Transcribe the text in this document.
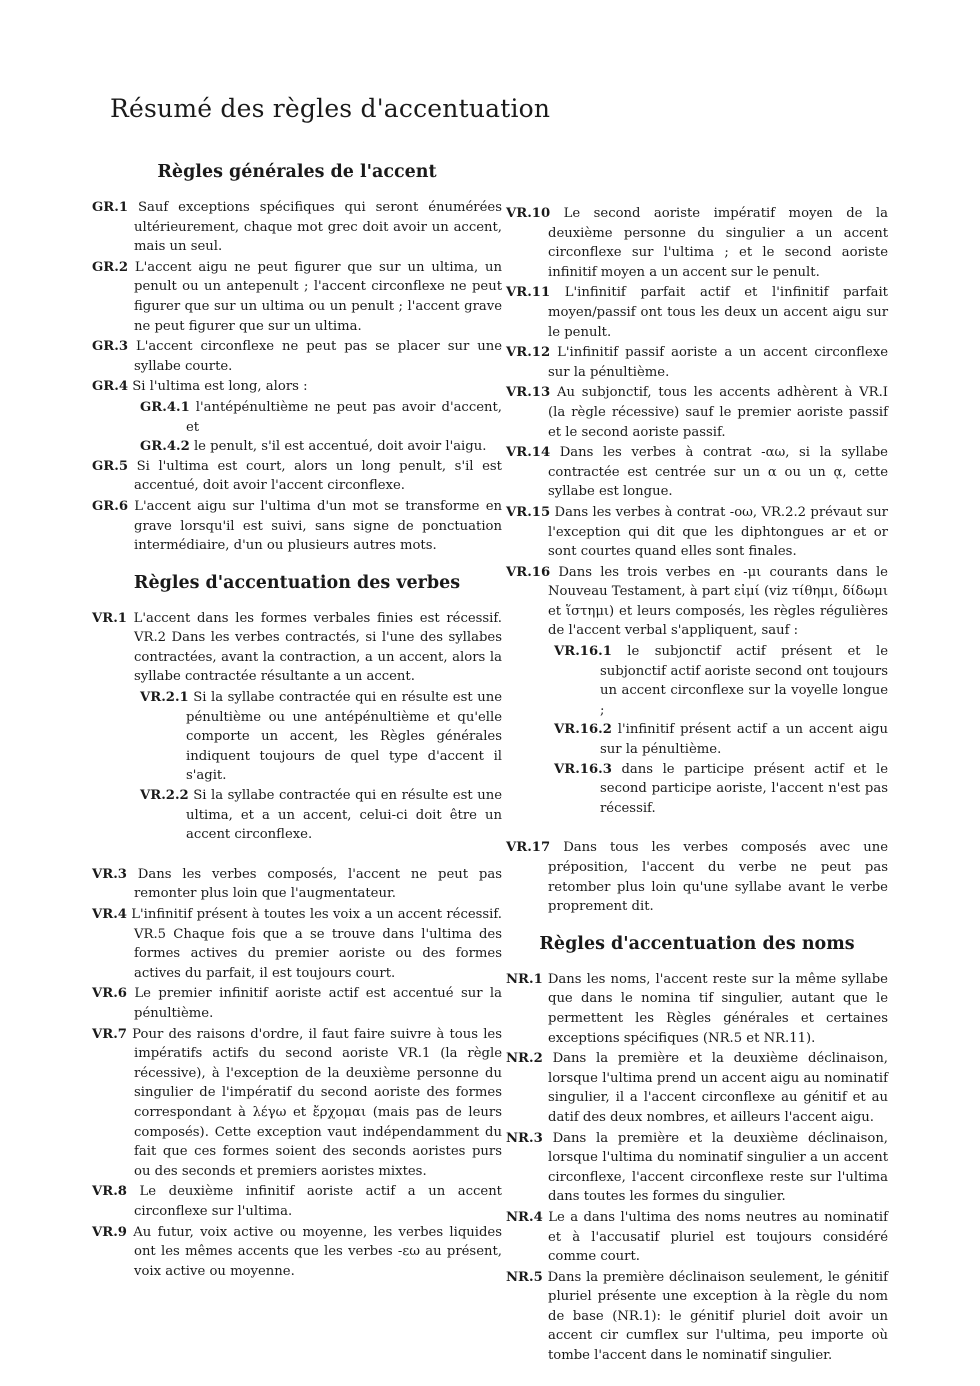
Résumé des règles d'accentuation
Règles générales de l'accent

GR.1 Sauf exceptions spécifiques qui seront énumérées ultérieurement, chaque mot grec doit avoir un accent, mais un seul.

GR.2 L'accent aigu ne peut figurer que sur un ultima, un penult ou un antepenult ; l'accent circonflexe ne peut figurer que sur un ultima ou un penult ; l'accent grave ne peut figurer que sur un ultima.

GR.3 L'accent circonflexe ne peut pas se placer sur une syllabe courte.

GR.4 Si l'ultima est long, alors :

GR.4.1 l'antépénultième ne peut pas avoir d'accent, et

GR.4.2 le penult, s'il est accentué, doit avoir l'aigu.

GR.5 Si l'ultima est court, alors un long penult, s'il est accentué, doit avoir l'accent circonflexe.

GR.6 L'accent aigu sur l'ultima d'un mot se transforme en grave lorsqu'il est suivi, sans signe de ponctuation intermédiaire, d'un ou plusieurs autres mots.

Règles d'accentuation des verbes

VR.1 L'accent dans les formes verbales finies est récessif. VR.2 Dans les verbes contractés, si l'une des syllabes contractées, avant la contraction, a un accent, alors la syllabe contractée résultante a un accent.

VR.2.1 Si la syllabe contractée qui en résulte est une pénultième ou une antépénultième et qu'elle comporte un accent, les Règles générales indiquent toujours de quel type d'accent il s'agit.

VR.2.2 Si la syllabe contractée qui en résulte est une ultima, et a un accent, celui-ci doit être un accent circonflexe.

VR.3 Dans les verbes composés, l'accent ne peut pas remonter plus loin que l'augmentateur.

VR.4 L'infinitif présent à toutes les voix a un accent récessif. VR.5 Chaque fois que a se trouve dans l'ultima des formes actives du premier aoriste ou des formes actives du parfait, il est toujours court.

VR.6 Le premier infinitif aoriste actif est accentué sur la pénultième.

VR.7 Pour des raisons d'ordre, il faut faire suivre à tous les impératifs actifs du second aoriste VR.1 (la règle récessive), à l'exception de la deuxième personne du singulier de l'impératif du second aoriste des formes correspondant à λέγω et ἔρχομαι (mais pas de leurs composés). Cette exception vaut indépendamment du fait que ces formes soient des seconds aoristes purs ou des seconds et premiers aoristes mixtes.

VR.8 Le deuxième infinitif aoriste actif a un accent circonflexe sur l'ultima.

VR.9 Au futur, voix active ou moyenne, les verbes liquides ont les mêmes accents que les verbes -εω au présent, voix active ou moyenne.

VR.10 Le second aoriste impératif moyen de la deuxième personne du singulier a un accent circonflexe sur l'ultima ; et le second aoriste infinitif moyen a un accent sur le penult.

VR.11 L'infinitif parfait actif et l'infinitif parfait moyen/passif ont tous les deux un accent aigu sur le penult.

VR.12 L'infinitif passif aoriste a un accent circonflexe sur la pénultième.

VR.13 Au subjonctif, tous les accents adhèrent à VR.I (la règle récessive) sauf le premier aoriste passif et le second aoriste passif.

VR.14 Dans les verbes à contrat -αω, si la syllabe contractée est centrée sur un α ou un ᾳ, cette syllabe est longue.

VR.15 Dans les verbes à contrat -οω, VR.2.2 prévaut sur l'exception qui dit que les diphtongues ar et or sont courtes quand elles sont finales.

VR.16 Dans les trois verbes en -μι courants dans le Nouveau Testament, à part εἰμί (viz τίθημι, δίδωμι et ἵστημι) et leurs composés, les règles régulières de l'accent verbal s'appliquent, sauf :

VR.16.1 le subjonctif actif présent et le subjonctif actif aoriste second ont toujours un accent circonflexe sur la voyelle longue ;

VR.16.2 l'infinitif présent actif a un accent aigu sur la pénultième.

VR.16.3 dans le participe présent actif et le second participe aoriste, l'accent n'est pas récessif.

VR.17 Dans tous les verbes composés avec une préposition, l'accent du verbe ne peut pas retomber plus loin qu'une syllabe avant le verbe proprement dit.

Règles d'accentuation des noms

NR.1 Dans les noms, l'accent reste sur la même syllabe que dans le nomina tif singulier, autant que le permettent les Règles générales et certaines exceptions spécifiques (NR.5 et NR.11).

NR.2 Dans la première et la deuxième déclinaison, lorsque l'ultima prend un accent aigu au nominatif singulier, il a l'accent circonflexe au génitif et au datif des deux nombres, et ailleurs l'accent aigu.

NR.3 Dans la première et la deuxième déclinaison, lorsque l'ultima du nominatif singulier a un accent circonflexe, l'accent circonflexe reste sur l'ultima dans toutes les formes du singulier.

NR.4 Le a dans l'ultima des noms neutres au nominatif et à l'accusatif pluriel est toujours considéré comme court.

NR.5 Dans la première déclinaison seulement, le génitif pluriel présente une exception à la règle du nom de base (NR.1): le génitif pluriel doit avoir un accent cir cumflex sur l'ultima, peu importe où tombe l'accent dans le nominatif singulier.
